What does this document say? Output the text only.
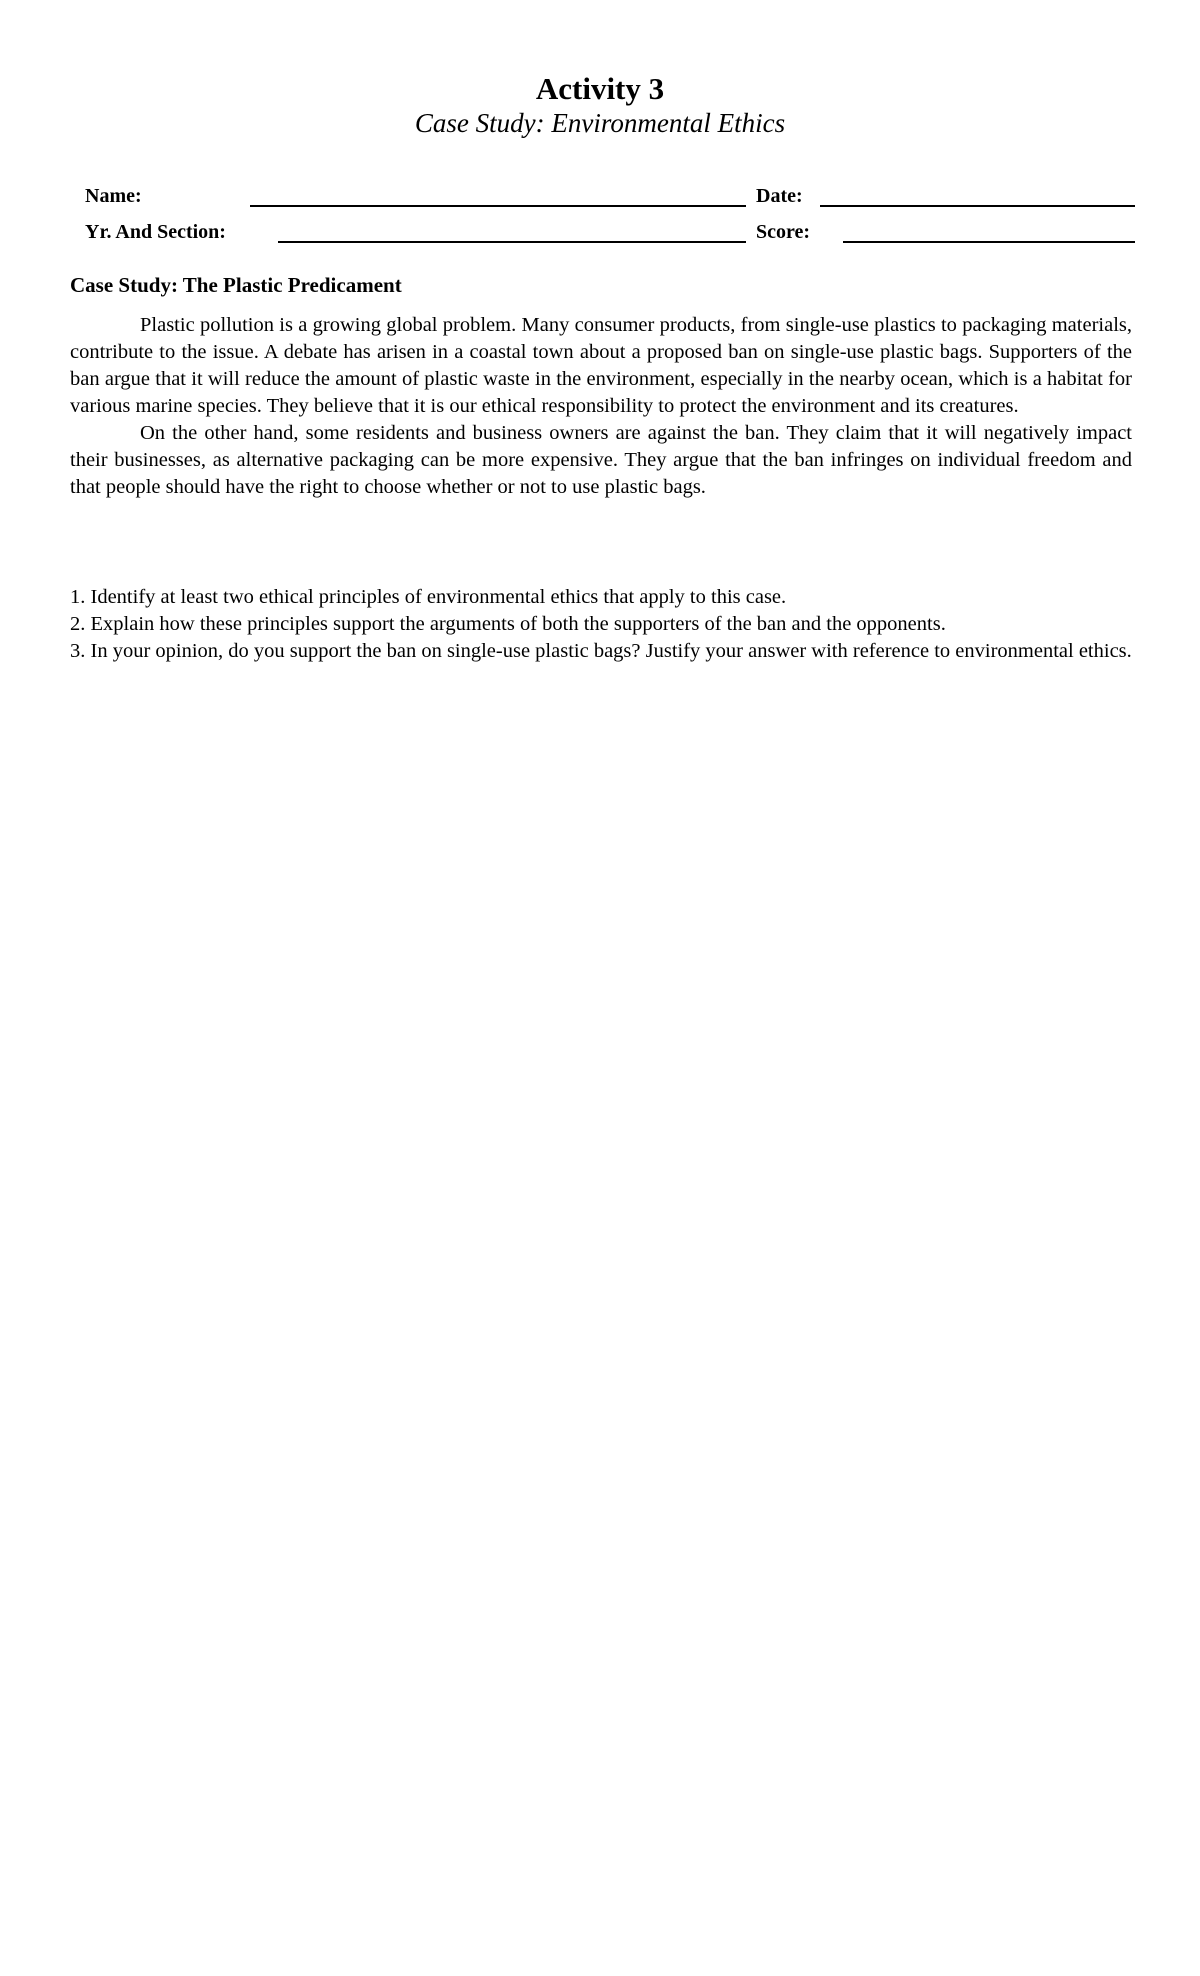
Activity 3
Case Study: Environmental Ethics
Name:	Date:
Yr. And Section:	Score:
Case Study: The Plastic Predicament

Plastic pollution is a growing global problem. Many consumer products, from single-use plastics to packaging materials, contribute to the issue. A debate has arisen in a coastal town about a proposed ban on single-use plastic bags. Supporters of the ban argue that it will reduce the amount of plastic waste in the environment, especially in the nearby ocean, which is a habitat for various marine species. They believe that it is our ethical responsibility to protect the environment and its creatures.

On the other hand, some residents and business owners are against the ban. They claim that it will negatively impact their businesses, as alternative packaging can be more expensive. They argue that the ban infringes on individual freedom and that people should have the right to choose whether or not to use plastic bags.

1. Identify at least two ethical principles of environmental ethics that apply to this case.

2. Explain how these principles support the arguments of both the supporters of the ban and the opponents.

3. In your opinion, do you support the ban on single-use plastic bags? Justify your answer with reference to environmental ethics.
